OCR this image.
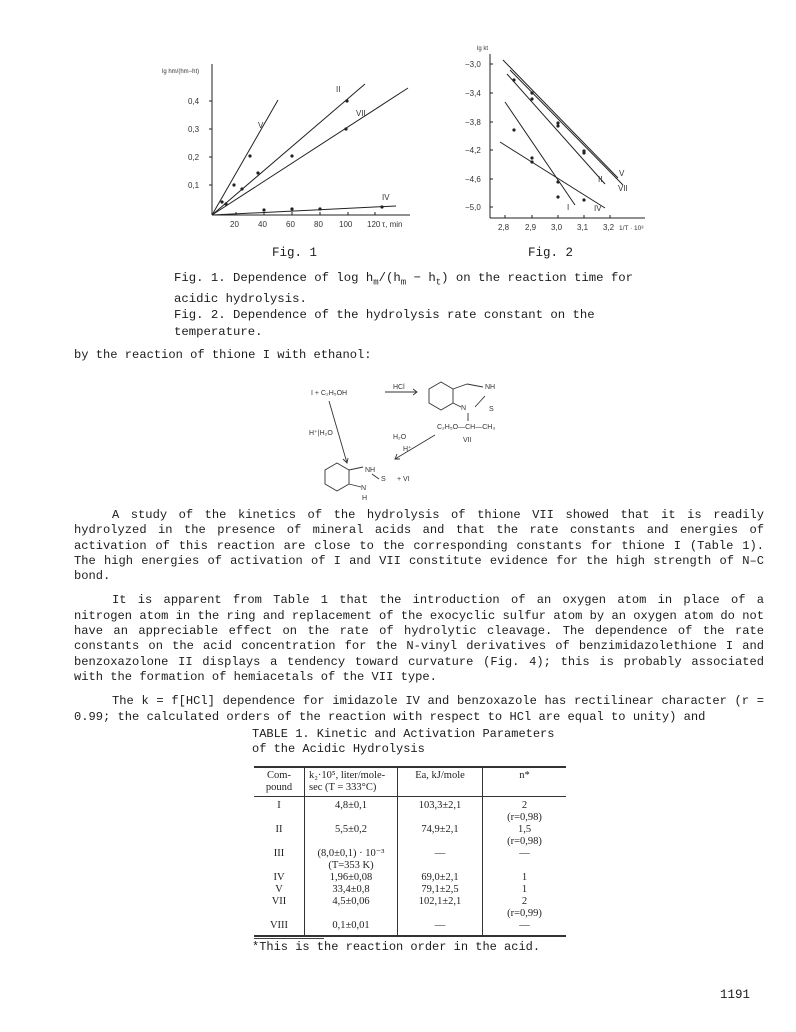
lg hm/(hm−ht)
0,1
0,2
0,3
0,4
20 40 60 80 100 120 τ, min
II
V
VII
IV
lg kt
−3,0
−3,4
−3,8
−4,2
−4,6
−5,0
2,8 2,9 3,0 3,1 3,2 1/T · 10³
V
II
VII
I	IV
Fig. 1	Fig. 2
Fig. 1. Dependence of $\log h_m/(h_m - h_t)$ on the reaction time for acidic hydrolysis.
Fig. 2. Dependence of the hydrolysis rate constant on the temperature.
by the reaction of thione I with ethanol:
I + C₂H₅OH
HCl	NH
N	S
C₂H₅O—CH—CH₃
VII
H⁺|H₂O
H₂O
H⁺
NH
S
N
H
+ VI

A study of the kinetics of the hydrolysis of thione VII showed that it is readily hydrolyzed in the presence of mineral acids and that the rate constants and energies of activation of this reaction are close to the corresponding constants for thione I (Table 1). The high energies of activation of I and VII constitute evidence for the high strength of N–C bond.

It is apparent from Table 1 that the introduction of an oxygen atom in place of a nitrogen atom in the ring and replacement of the exocyclic sulfur atom by an oxygen atom do not have an appreciable effect on the rate of hydrolytic cleavage. The dependence of the rate constants on the acid concentration for the N-vinyl derivatives of benzimidazolethione I and benzoxazolone II displays a tendency toward curvature (Fig. 4); this is probably associated with the formation of hemiacetals of the VII type.

The k = f[HCl] dependence for imidazole IV and benzoxazole has rectilinear character (r = 0.99; the calculated orders of the reaction with respect to HCl are equal to unity) and

TABLE 1. Kinetic and Activation Parameters
of the Acidic Hydrolysis
Com-pound	k₂·10⁵, liter/mole-sec (T = 333°C)	Ea, kJ/mole	n*
I	4,8±0,1	103,3±2,1	2
(r=0,98)

II	5,5±0,2	74,9±2,1	1,5
(r=0,98)

III	(8,0±0,1) · 10⁻³
(T=353 K)	—	—
IV	1,96±0,08	69,0±2,1	1
V	33,4±0,8	79,1±2,5	1
VII	4,5±0,06	102,1±2,1	2
(r=0,99)

VIII	0,1±0,01	—	—
*This is the reaction order in the acid.
1191
